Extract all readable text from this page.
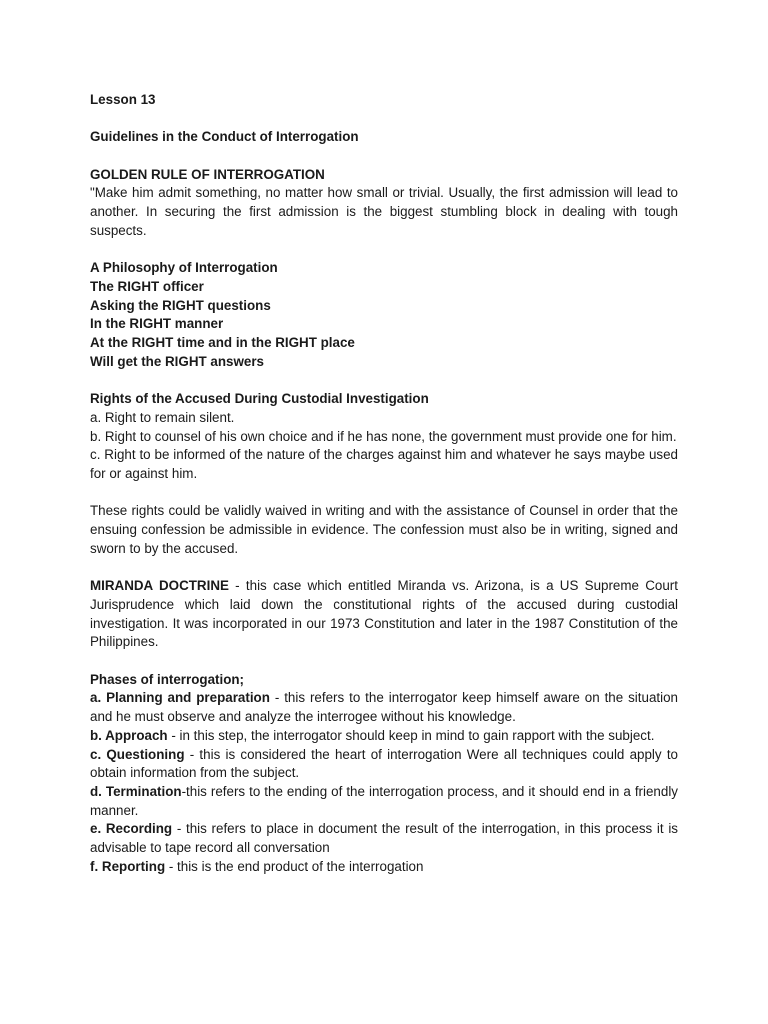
Lesson 13
Guidelines in the Conduct of Interrogation
GOLDEN RULE OF INTERROGATION

"Make him admit something, no matter how small or trivial. Usually, the first admission will lead to another. In securing the first admission is the biggest stumbling block in dealing with tough suspects.

A Philosophy of Interrogation
The RIGHT officer
Asking the RIGHT questions
In the RIGHT manner
At the RIGHT time and in the RIGHT place
Will get the RIGHT answers
Rights of the Accused During Custodial Investigation

a. Right to remain silent.

b. Right to counsel of his own choice and if he has none, the government must provide one for him.

c. Right to be informed of the nature of the charges against him and whatever he says maybe used for or against him.

These rights could be validly waived in writing and with the assistance of Counsel in order that the ensuing confession be admissible in evidence. The confession must also be in writing, signed and sworn to by the accused.

MIRANDA DOCTRINE - this case which entitled Miranda vs. Arizona, is a US Supreme Court Jurisprudence which laid down the constitutional rights of the accused during custodial investigation. It was incorporated in our 1973 Constitution and later in the 1987 Constitution of the Philippines.

Phases of interrogation;

a. Planning and preparation - this refers to the interrogator keep himself aware on the situation and he must observe and analyze the interrogee without his knowledge.

b. Approach - in this step, the interrogator should keep in mind to gain rapport with the subject.

c. Questioning - this is considered the heart of interrogation Were all techniques could apply to obtain information from the subject.

d. Termination-this refers to the ending of the interrogation process, and it should end in a friendly manner.

e. Recording - this refers to place in document the result of the interrogation, in this process it is advisable to tape record all conversation

f. Reporting - this is the end product of the interrogation
